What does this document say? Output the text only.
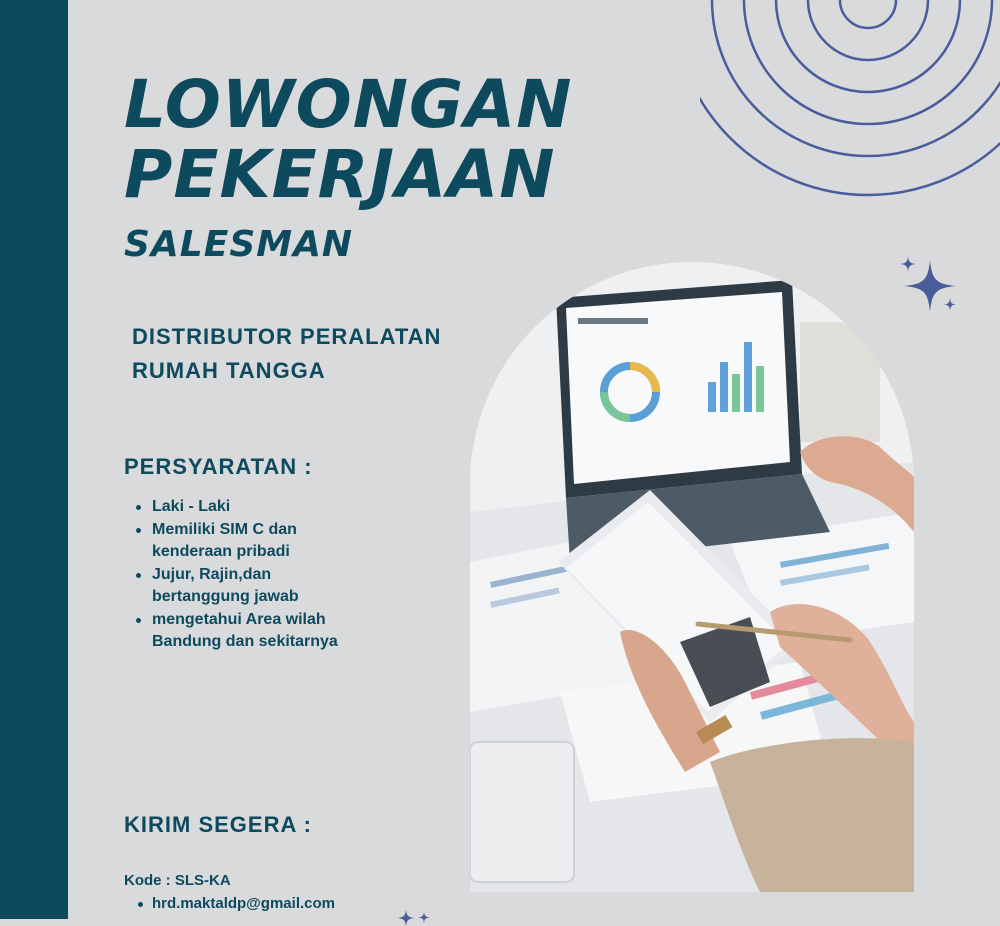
LOWONGAN
PEKERJAAN
SALESMAN
DISTRIBUTOR PERALATAN
RUMAH TANGGA
PERSYARATAN :
Laki - Laki
Memiliki SIM C dan
kenderaan pribadi
Jujur, Rajin,dan
bertanggung jawab
mengetahui Area wilah
Bandung dan sekitarnya
KIRIM SEGERA :
Kode : SLS-KA
hrd.maktaldp@gmail.com
